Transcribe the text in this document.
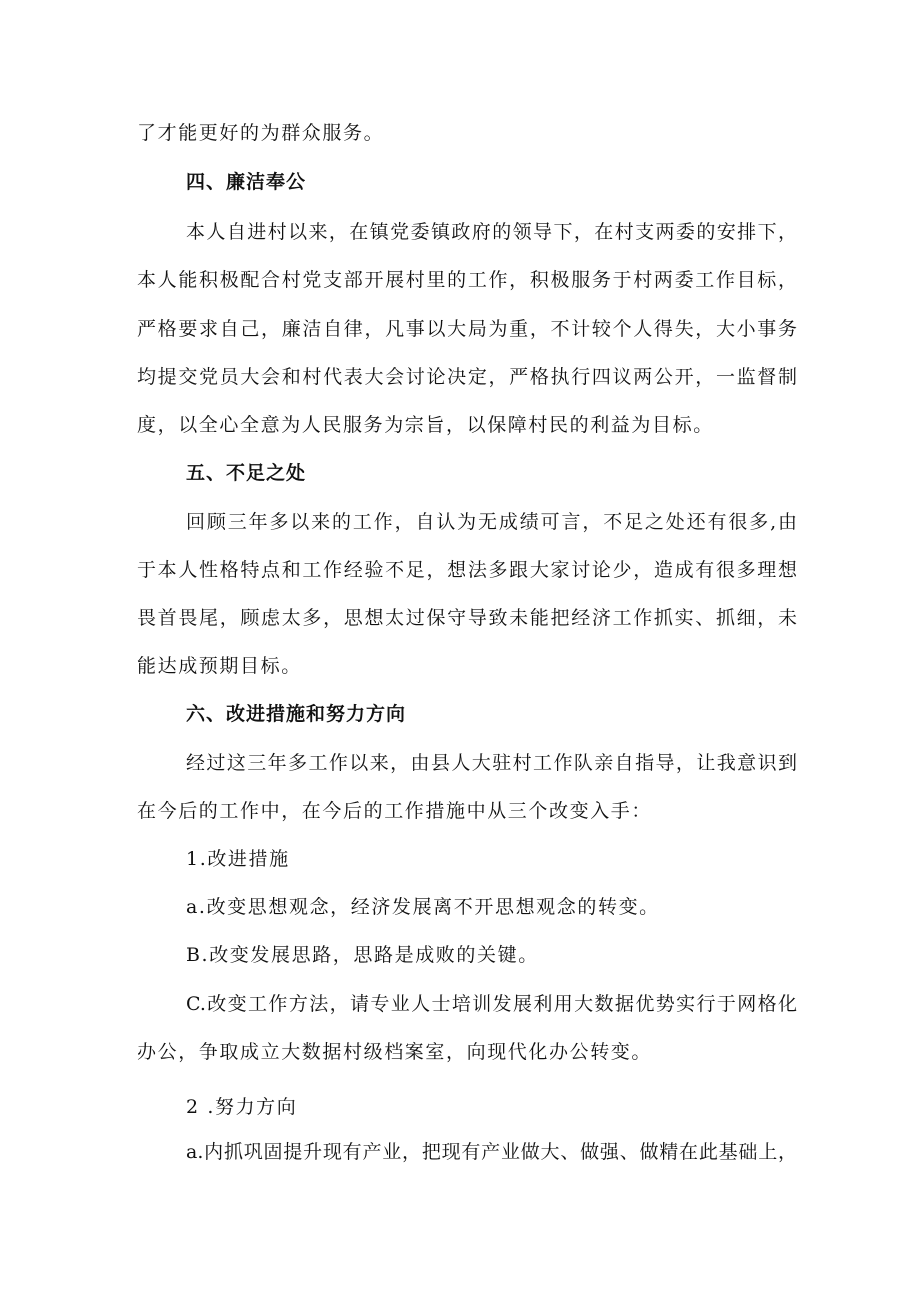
了才能更好的为群众服务。
四、廉洁奉公
本人自进村以来，在镇党委镇政府的领导下，在村支两委的安排下，
本人能积极配合村党支部开展村里的工作，积极服务于村两委工作目标，
严格要求自己，廉洁自律，凡事以大局为重，不计较个人得失，大小事务
均提交党员大会和村代表大会讨论决定，严格执行四议两公开，一监督制
度，以全心全意为人民服务为宗旨，以保障村民的利益为目标。
五、不足之处
回顾三年多以来的工作，自认为无成绩可言，不足之处还有很多,由
于本人性格特点和工作经验不足，想法多跟大家讨论少，造成有很多理想
畏首畏尾，顾虑太多，思想太过保守导致未能把经济工作抓实、抓细，未
能达成预期目标。
六、改进措施和努力方向
经过这三年多工作以来，由县人大驻村工作队亲自指导，让我意识到
在今后的工作中，在今后的工作措施中从三个改变入手：
1.改进措施
a.改变思想观念，经济发展离不开思想观念的转变。
B.改变发展思路，思路是成败的关键。
C.改变工作方法，请专业人士培训发展利用大数据优势实行于网格化
办公，争取成立大数据村级档案室，向现代化办公转变。
2 .努力方向
a.内抓巩固提升现有产业，把现有产业做大、做强、做精在此基础上，
